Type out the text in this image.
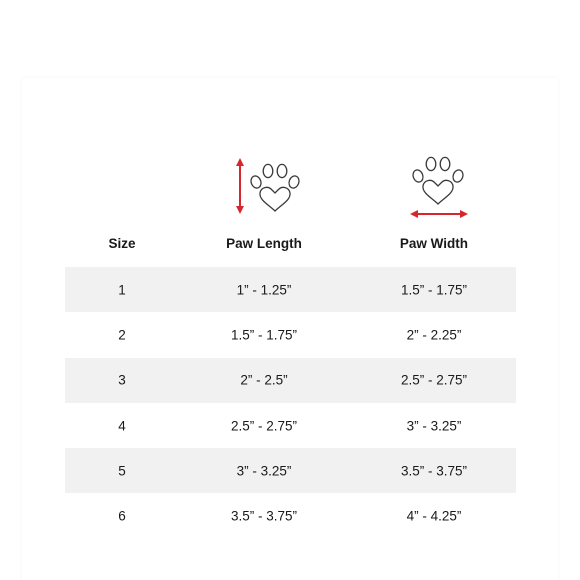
Size	Paw Length	Paw Width
1	1” - 1.25”	1.5” - 1.75”
2	1.5” - 1.75”	2” - 2.25”
3	2” - 2.5”	2.5” - 2.75”
4	2.5” - 2.75”	3” - 3.25”
5	3” - 3.25”	3.5” - 3.75”
6	3.5” - 3.75”	4” - 4.25”
